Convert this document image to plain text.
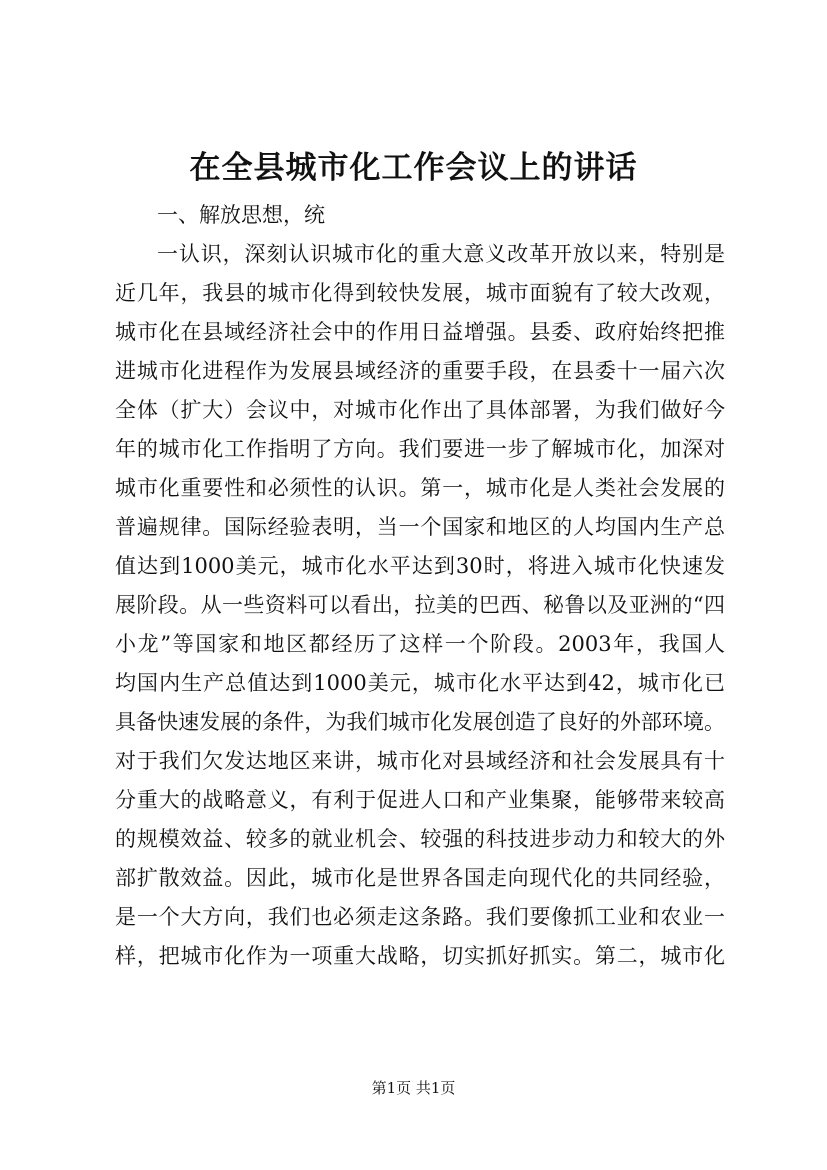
在全县城市化工作会议上的讲话
一、解放思想，统
一认识，深刻认识城市化的重大意义改革开放以来，特别是
近几年，我县的城市化得到较快发展，城市面貌有了较大改观，
城市化在县域经济社会中的作用日益增强。县委、政府始终把推
进城市化进程作为发展县域经济的重要手段，在县委十一届六次
全体（扩大）会议中，对城市化作出了具体部署，为我们做好今
年的城市化工作指明了方向。我们要进一步了解城市化，加深对
城市化重要性和必须性的认识。第一，城市化是人类社会发展的
普遍规律。国际经验表明，当一个国家和地区的人均国内生产总
值达到1000美元，城市化水平达到30时，将进入城市化快速发
展阶段。从一些资料可以看出，拉美的巴西、秘鲁以及亚洲的“四
小龙”等国家和地区都经历了这样一个阶段。2003年，我国人
均国内生产总值达到1000美元，城市化水平达到42，城市化已
具备快速发展的条件，为我们城市化发展创造了良好的外部环境。
对于我们欠发达地区来讲，城市化对县域经济和社会发展具有十
分重大的战略意义，有利于促进人口和产业集聚，能够带来较高
的规模效益、较多的就业机会、较强的科技进步动力和较大的外
部扩散效益。因此，城市化是世界各国走向现代化的共同经验，
是一个大方向，我们也必须走这条路。我们要像抓工业和农业一
样，把城市化作为一项重大战略，切实抓好抓实。第二，城市化
第1页 共1页
